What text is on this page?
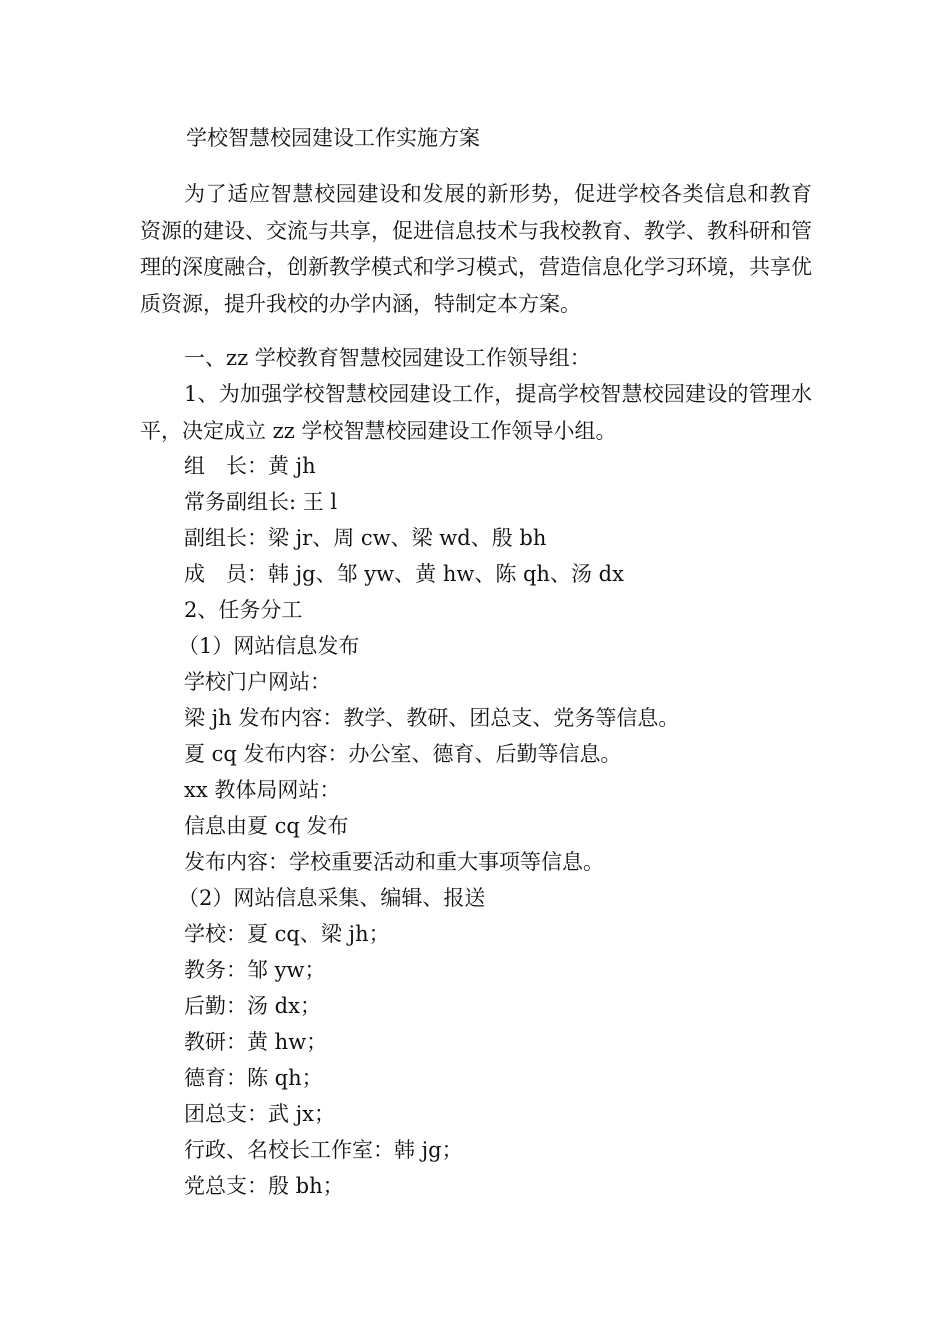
学校智慧校园建设工作实施方案

为了适应智慧校园建设和发展的新形势，促进学校各类信息和教育资源的建设、交流与共享，促进信息技术与我校教育、教学、教科研和管理的深度融合，创新教学模式和学习模式，营造信息化学习环境，共享优质资源，提升我校的办学内涵，特制定本方案。

一、zz 学校教育智慧校园建设工作领导组：

1、为加强学校智慧校园建设工作，提高学校智慧校园建设的管理水平，决定成立 zz 学校智慧校园建设工作领导小组。

组　长：黄 jh
常务副组长: 王 l
副组长：梁 jr、周 cw、梁 wd、殷 bh
成　员：韩 jg、邹 yw、黄 hw、陈 qh、汤 dx
2、任务分工
（1）网站信息发布
学校门户网站：
梁 jh 发布内容：教学、教研、团总支、党务等信息。
夏 cq 发布内容：办公室、德育、后勤等信息。
xx 教体局网站：
信息由夏 cq 发布
发布内容：学校重要活动和重大事项等信息。
（2）网站信息采集、编辑、报送
学校：夏 cq、梁 jh；
教务：邹 yw；
后勤：汤 dx；
教研：黄 hw；
德育：陈 qh；
团总支：武 jx；
行政、名校长工作室：韩 jg；
党总支：殷 bh；
